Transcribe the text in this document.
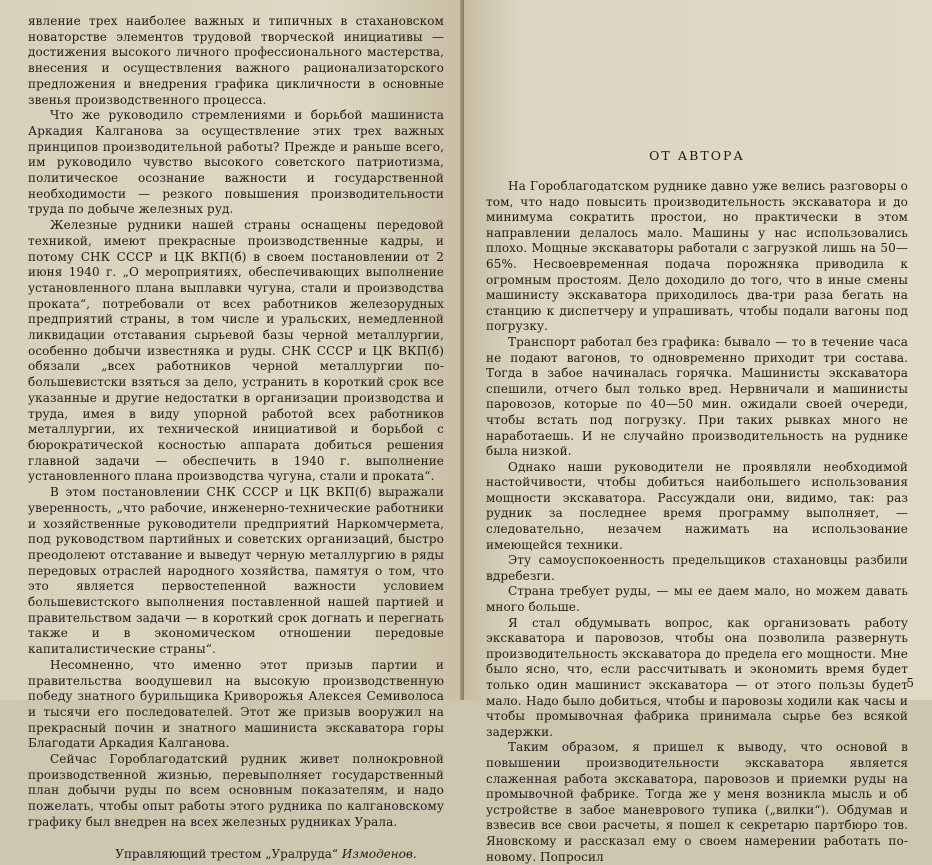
явление трех наиболее важных и типичных в стахановском новаторстве элементов трудовой творческой инициативы — достижения высокого личного профессионального мастерства, внесения и осуществления важного рационализаторского предложения и внедрения графика цикличности в основные звенья производственного процесса.

Что же руководило стремлениями и борьбой машиниста Аркадия Калганова за осуществление этих трех важных принципов производительной работы? Прежде и раньше всего, им руководило чувство высокого советского патриотизма, политическое осознание важности и государственной необходимости — резкого повышения производительности труда по добыче железных руд.

Железные рудники нашей страны оснащены передовой техникой, имеют прекрасные производственные кадры, и потому СНК СССР и ЦК ВКП(б) в своем постановлении от 2 июня 1940 г. „О мероприятиях, обеспечивающих выполнение установленного плана выплавки чугуна, стали и производства проката“, потребовали от всех работников железорудных предприятий страны, в том числе и уральских, немедленной ликвидации отставания сырьевой базы черной металлургии, особенно добычи известняка и руды. СНК СССР и ЦК ВКП(б) обязали „всех работников черной металлургии по-большевистски взяться за дело, устранить в короткий срок все указанные и другие недостатки в организации производства и труда, имея в виду упорной работой всех работников металлургии, их технической инициативой и борьбой с бюрократической косностью аппарата добиться решения главной задачи — обеспечить в 1940 г. выполнение установленного плана производства чугуна, стали и проката“.

В этом постановлении СНК СССР и ЦК ВКП(б) выражали уверенность, „что рабочие, инженерно-технические работники и хозяйственные руководители предприятий Наркомчермета, под руководством партийных и советских организаций, быстро преодолеют отставание и выведут черную металлургию в ряды передовых отраслей народного хозяйства, памятуя о том, что это является первостепенной важности условием большевистского выполнения поставленной нашей партией и правительством задачи — в короткий срок догнать и перегнать также и в экономическом отношении передовые капиталистические страны“.

Несомненно, что именно этот призыв партии и правительства воодушевил на высокую производственную победу знатного бурильщика Криворожья Алексея Семиволоса и тысячи его последователей. Этот же призыв вооружил на прекрасный почин и знатного машиниста экскаватора горы Благодати Аркадия Калганова.

Сейчас Гороблагодатский рудник живет полнокровной производственной жизнью, перевыполняет государственный план добычи руды по всем основным показателям, и надо пожелать, чтобы опыт работы этого рудника по калгановскому графику был внедрен на всех железных рудниках Урала.

Управляющий трестом „Уралруда“ Измоденов.
ОТ АВТОРА

На Гороблагодатском руднике давно уже велись разговоры о том, что надо повысить производительность экскаватора и до минимума сократить простои, но практически в этом направлении делалось мало. Машины у нас использовались плохо. Мощные экскаваторы работали с загрузкой лишь на 50—65%. Несвоевременная подача порожняка приводила к огромным простоям. Дело доходило до того, что в иные смены машинисту экскаватора приходилось два-три раза бегать на станцию к диспетчеру и упрашивать, чтобы подали вагоны под погрузку.

Транспорт работал без графика: бывало — то в течение часа не подают вагонов, то одновременно приходит три состава. Тогда в забое начиналась горячка. Машинисты экскаватора спешили, отчего был только вред. Нервничали и машинисты паровозов, которые по 40—50 мин. ожидали своей очереди, чтобы встать под погрузку. При таких рывках много не наработаешь. И не случайно производительность на руднике была низкой.

Однако наши руководители не проявляли необходимой настойчивости, чтобы добиться наибольшего использования мощности экскаватора. Рассуждали они, видимо, так: раз рудник за последнее время программу выполняет, — следовательно, незачем нажимать на использование имеющейся техники.

Эту самоуспокоенность предельщиков стахановцы разбили вдребезги.

Страна требует руды, — мы ее даем мало, но можем давать много больше.

Я стал обдумывать вопрос, как организовать работу экскаватора и паровозов, чтобы она позволила развернуть производительность экскаватора до предела его мощности. Мне было ясно, что, если рассчитывать и экономить время будет только один машинист экскаватора — от этого пользы будет мало. Надо было добиться, чтобы и паровозы ходили как часы и чтобы промывочная фабрика принимала сырье без всякой задержки.

Таким образом, я пришел к выводу, что основой в повышении производительности экскаватора является слаженная работа экскаватора, паровозов и приемки руды на промывочной фабрике. Тогда же у меня возникла мысль и об устройстве в забое маневрового тупика („вилки“). Обдумав и взвесив все свои расчеты, я пошел к секретарю партбюро тов. Яновскому и рассказал ему о своем намерении работать по-новому. Попросил

5
